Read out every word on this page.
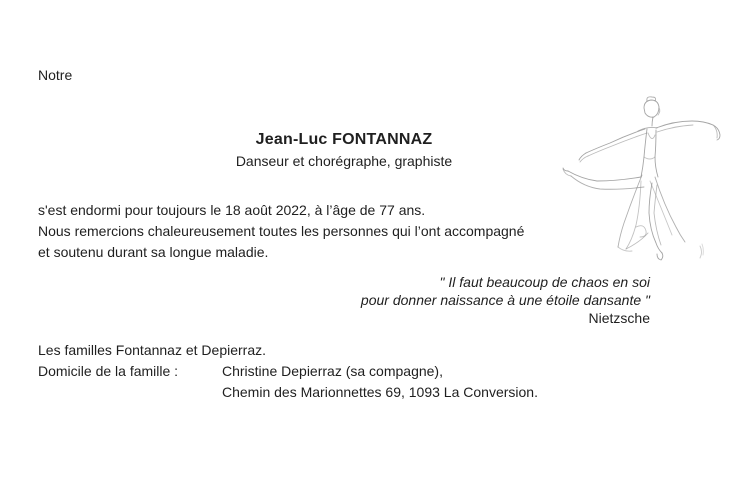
Notre
Jean-Luc FONTANNAZ
Danseur et chorégraphe, graphiste
s'est endormi pour toujours le 18 août 2022, à l’âge de 77 ans.
Nous remercions chaleureusement toutes les personnes qui l’ont accompagné
et soutenu durant sa longue maladie.
" Il faut beaucoup de chaos en soi
pour donner naissance à une étoile dansante "
Nietzsche
Les familles Fontannaz et Depierraz.
Domicile de la famille :	Christine Depierraz (sa compagne),
Chemin des Marionnettes 69, 1093 La Conversion.
